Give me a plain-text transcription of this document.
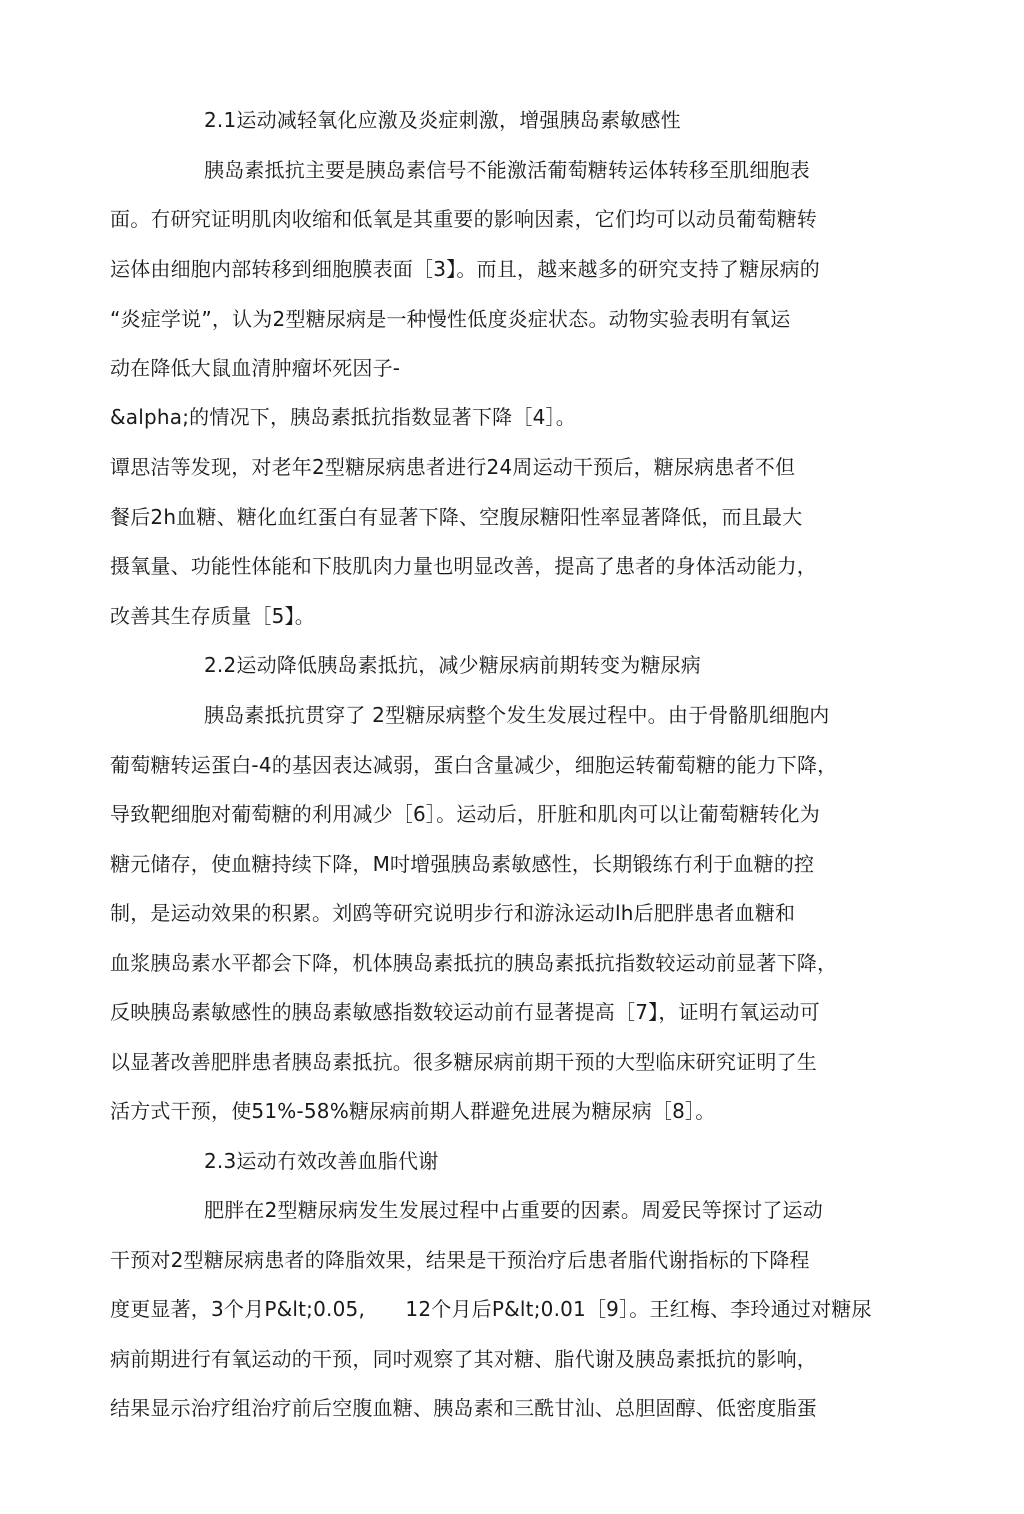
2.1运动减轻氧化应激及炎症刺激，增强胰岛素敏感性
胰岛素抵抗主要是胰岛素信号不能激活葡萄糖转运体转移至肌细胞表
面。冇研究证明肌肉收缩和低氧是其重要的影响因素，它们均可以动员葡萄糖转
运体由细胞内部转移到细胞膜表面［3】。而且，越来越多的研究支持了糖尿病的
“炎症学说”，认为2型糖尿病是一种慢性低度炎症状态。动物实验表明有氧运
动在降低大鼠血清肿瘤坏死因子-
&alpha;的情况下，胰岛素抵抗指数显著下降［4］。
谭思洁等发现，对老年2型糖尿病患者进行24周运动干预后，糖尿病患者不但
餐后2h血糖、糖化血红蛋白有显著下降、空腹尿糖阳性率显著降低，而且最大
摄氧量、功能性体能和下肢肌肉力量也明显改善，提高了患者的身体活动能力，
改善其生存质量［5】。
2.2运动降低胰岛素抵抗，减少糖尿病前期转变为糖尿病
胰岛素抵抗贯穿了 2型糖尿病整个发生发展过程中。由于骨骼肌细胞内
葡萄糖转运蛋白-4的基因表达减弱，蛋白含量减少，细胞运转葡萄糖的能力下降，
导致靶细胞对葡萄糖的利用减少［6］。运动后，肝脏和肌肉可以让葡萄糖转化为
糖元储存，使血糖持续下降，M吋增强胰岛素敏感性，长期锻练冇利于血糖的控
制，是运动效果的积累。刘鸥等研究说明步行和游泳运动lh后肥胖患者血糖和
血浆胰岛素水平都会下降，机体胰岛素抵抗的胰岛素抵抗指数较运动前显著下降，
反映胰岛素敏感性的胰岛素敏感指数较运动前冇显著提高［7】，证明冇氧运动可
以显著改善肥胖患者胰岛素抵抗。很多糖尿病前期干预的大型临床研究证明了生
活方式干预，使51%-58%糖尿病前期人群避免进展为糖尿病［8］。
2.3运动冇效改善血脂代谢
肥胖在2型糖尿病发生发展过程中占重要的因素。周爱民等探讨了运动
干预对2型糖尿病患者的降脂效果，结果是干预治疗后患者脂代谢指标的下降程
度更显著，3个月P&lt;0.05,　　12个月后P&lt;0.01［9］。王红梅、李玲通过对糖尿
病前期进行有氧运动的干预，同吋观察了其对糖、脂代谢及胰岛素抵抗的影响，
结果显示治疗组治疗前后空腹血糖、胰岛素和三酰甘汕、总胆固醇、低密度脂蛋
